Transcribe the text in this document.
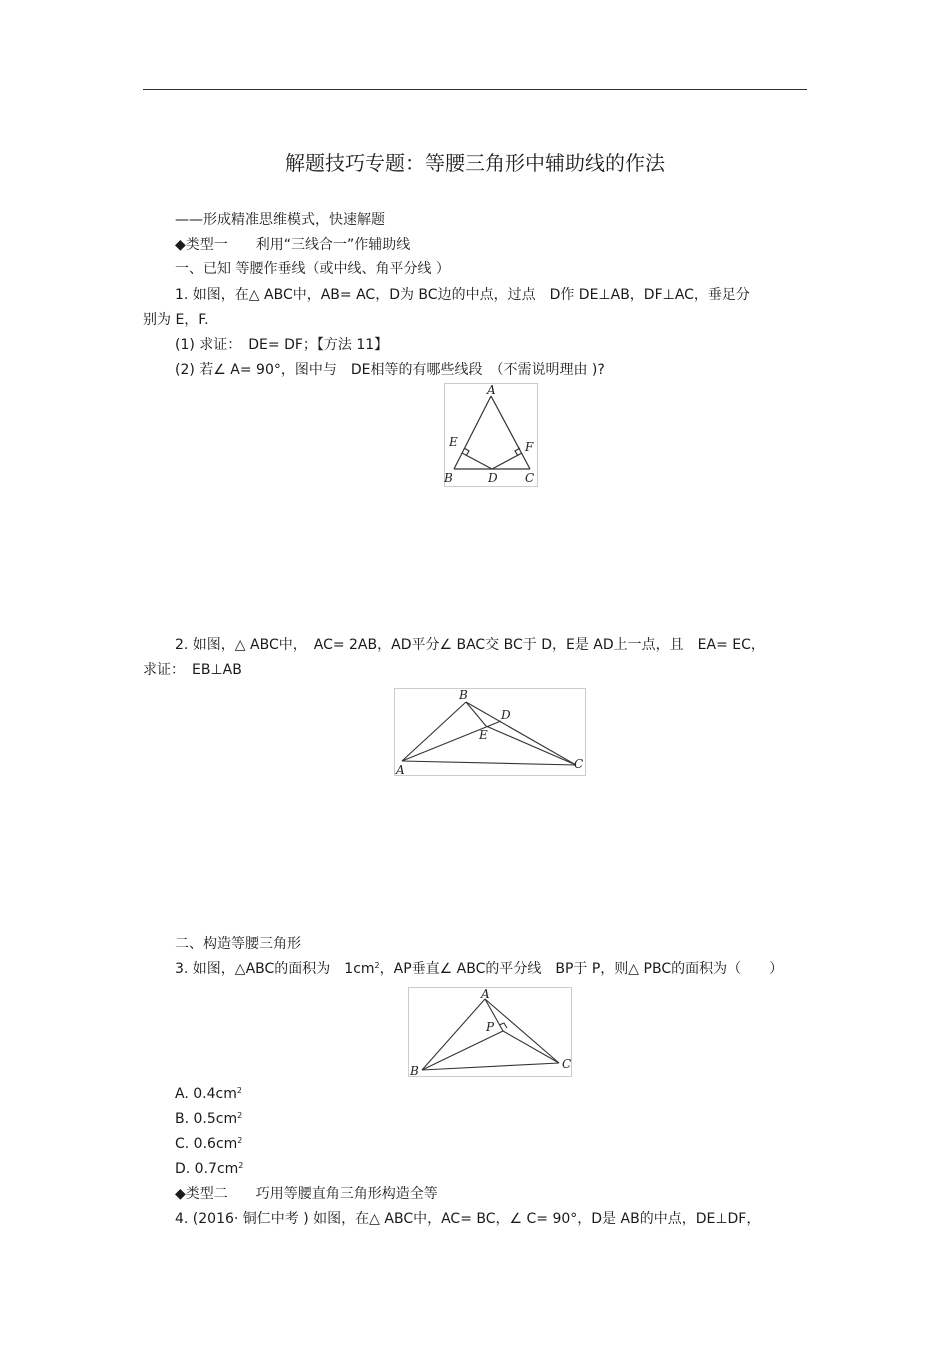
解题技巧专题：等腰三角形中辅助线的作法
——形成精准思维模式，快速解题
◆类型一　　利用“三线合一”作辅助线
一、已知 等腰作垂线（或中线、角平分线 ）
1. 如图，在△ ABC中，AB= AC，D为 BC边的中点，过点　D作 DE⊥AB，DF⊥AC，垂足分
别为 E，F.
(1) 求证：　DE= DF；【方法 11】
(2) 若∠ A= 90°，图中与　DE相等的有哪些线段　（不需说明理由 )?
A
B	C
D
E	F
2. 如图，△ ABC中，　AC= 2AB，AD平分∠ BAC交 BC于 D，E是 AD上一点，且　EA= EC，
求证：　EB⊥AB
B
D
E
A	C
二、构造等腰三角形
3. 如图，△ABC的面积为　$1cm^2$，AP垂直∠ ABC的平分线　BP于 P，则△ PBC的面积为（　　）
A
P
B	C
A. $0.4cm^2$
B. $0.5cm^2$
C. $0.6cm^2$
D. $0.7cm^2$
◆类型二　　巧用等腰直角三角形构造全等
4. (2016· 铜仁中考 ) 如图，在△ ABC中，AC= BC，∠ C= 90°，D是 AB的中点，DE⊥DF，
